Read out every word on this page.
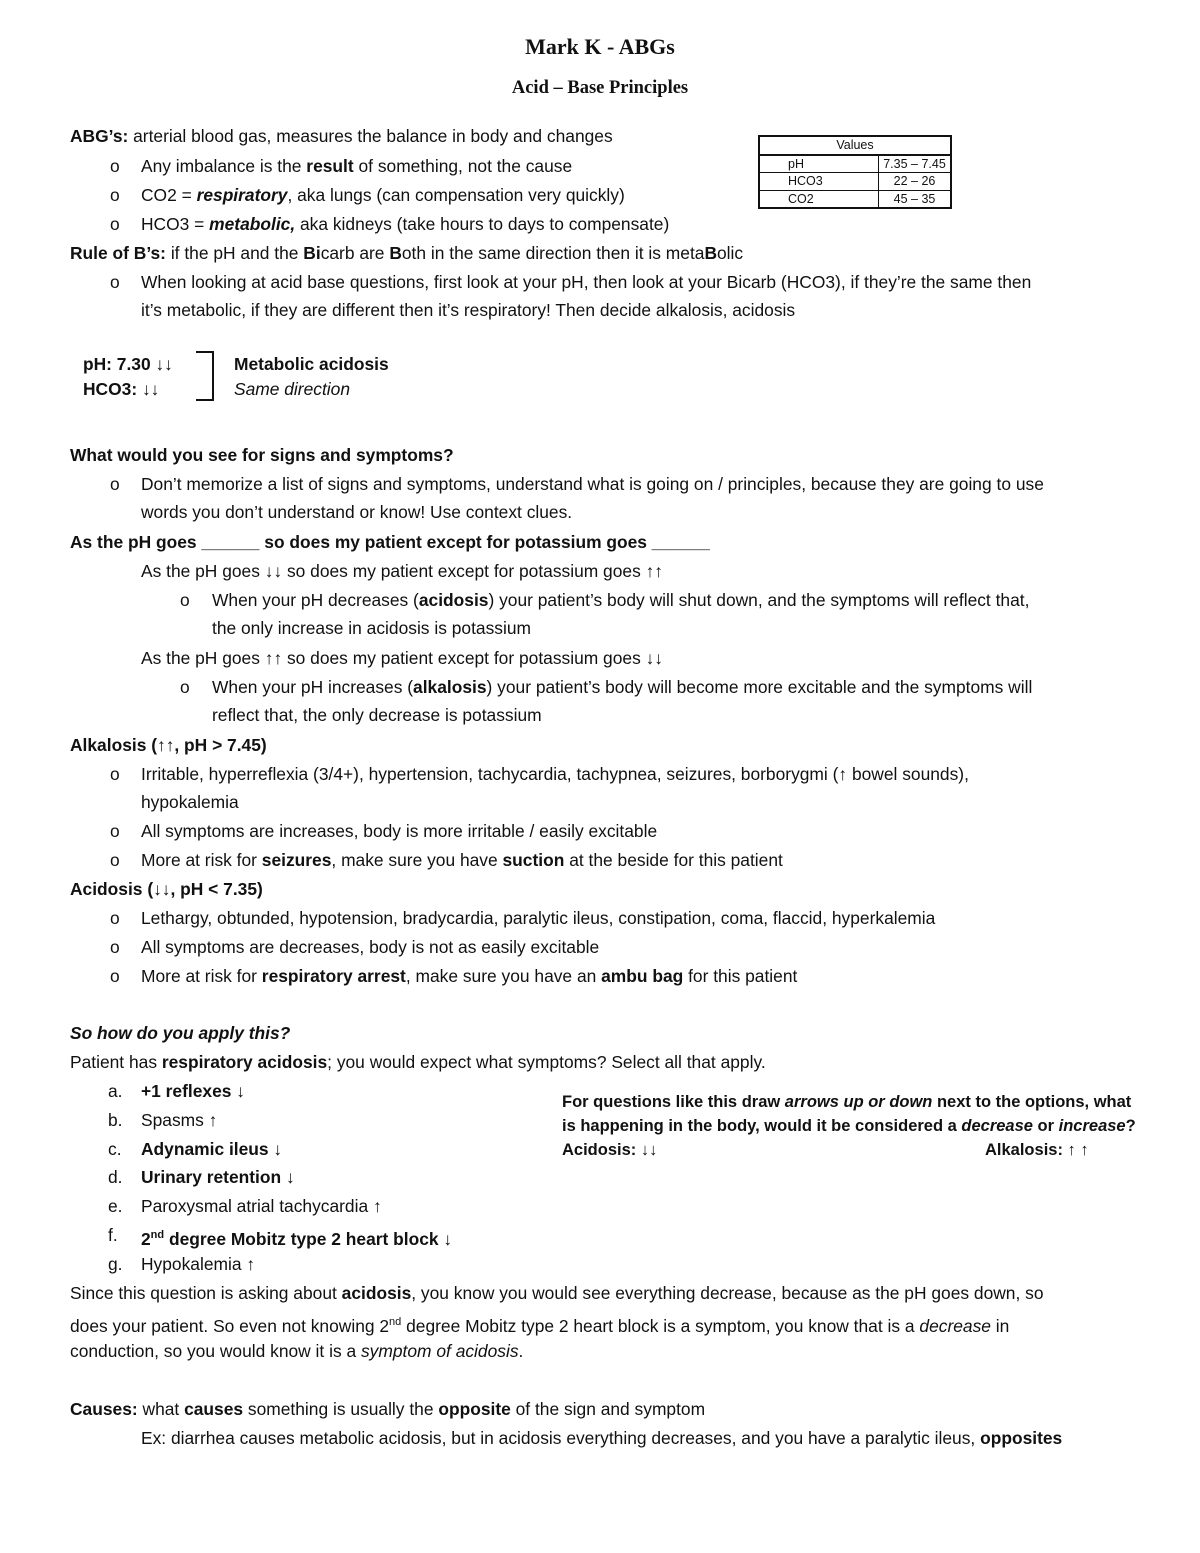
Mark K - ABGs
Acid – Base Principles
Values	
pH	7.35 – 7.45
HCO3	22 – 26
CO2	45 – 35
ABG’s: arterial blood gas, measures the balance in body and changes
o Any imbalance is the result of something, not the cause
o CO2 = respiratory, aka lungs (can compensation very quickly)
o HCO3 = metabolic, aka kidneys (take hours to days to compensate)
Rule of B’s: if the pH and the Bicarb are Both in the same direction then it is metaBolic
o When looking at acid base questions, first look at your pH, then look at your Bicarb (HCO3), if they’re the same then
it’s metabolic, if they are different then it’s respiratory! Then decide alkalosis, acidosis
pH: 7.30 ↓↓
HCO3: ↓↓
Metabolic acidosis
Same direction
What would you see for signs and symptoms?
o Don’t memorize a list of signs and symptoms, understand what is going on / principles, because they are going to use
words you don’t understand or know! Use context clues.
As the pH goes ______ so does my patient except for potassium goes ______
As the pH goes ↓↓ so does my patient except for potassium goes ↑↑
o When your pH decreases (acidosis) your patient’s body will shut down, and the symptoms will reflect that,
the only increase in acidosis is potassium
As the pH goes ↑↑ so does my patient except for potassium goes ↓↓
o When your pH increases (alkalosis) your patient’s body will become more excitable and the symptoms will
reflect that, the only decrease is potassium
Alkalosis (↑↑, pH > 7.45)
o Irritable, hyperreflexia (3/4+), hypertension, tachycardia, tachypnea, seizures, borborygmi (↑ bowel sounds),
hypokalemia
o All symptoms are increases, body is more irritable / easily excitable
o More at risk for seizures, make sure you have suction at the beside for this patient
Acidosis (↓↓, pH < 7.35)
o Lethargy, obtunded, hypotension, bradycardia, paralytic ileus, constipation, coma, flaccid, hyperkalemia
o All symptoms are decreases, body is not as easily excitable
o More at risk for respiratory arrest, make sure you have an ambu bag for this patient
So how do you apply this?
Patient has respiratory acidosis; you would expect what symptoms? Select all that apply.
a. +1 reflexes ↓
b. Spasms ↑
c. Adynamic ileus ↓
d. Urinary retention ↓
e. Paroxysmal atrial tachycardia ↑
f. 2nd degree Mobitz type 2 heart block ↓
g. Hypokalemia ↑
For questions like this draw arrows up or down next to the options, what
is happening in the body, would it be considered a decrease or increase?
Acidosis: ↓↓	Alkalosis: ↑ ↑
Since this question is asking about acidosis, you know you would see everything decrease, because as the pH goes down, so
does your patient. So even not knowing 2nd degree Mobitz type 2 heart block is a symptom, you know that is a decrease in
conduction, so you would know it is a symptom of acidosis.
Causes: what causes something is usually the opposite of the sign and symptom
Ex: diarrhea causes metabolic acidosis, but in acidosis everything decreases, and you have a paralytic ileus, opposites
